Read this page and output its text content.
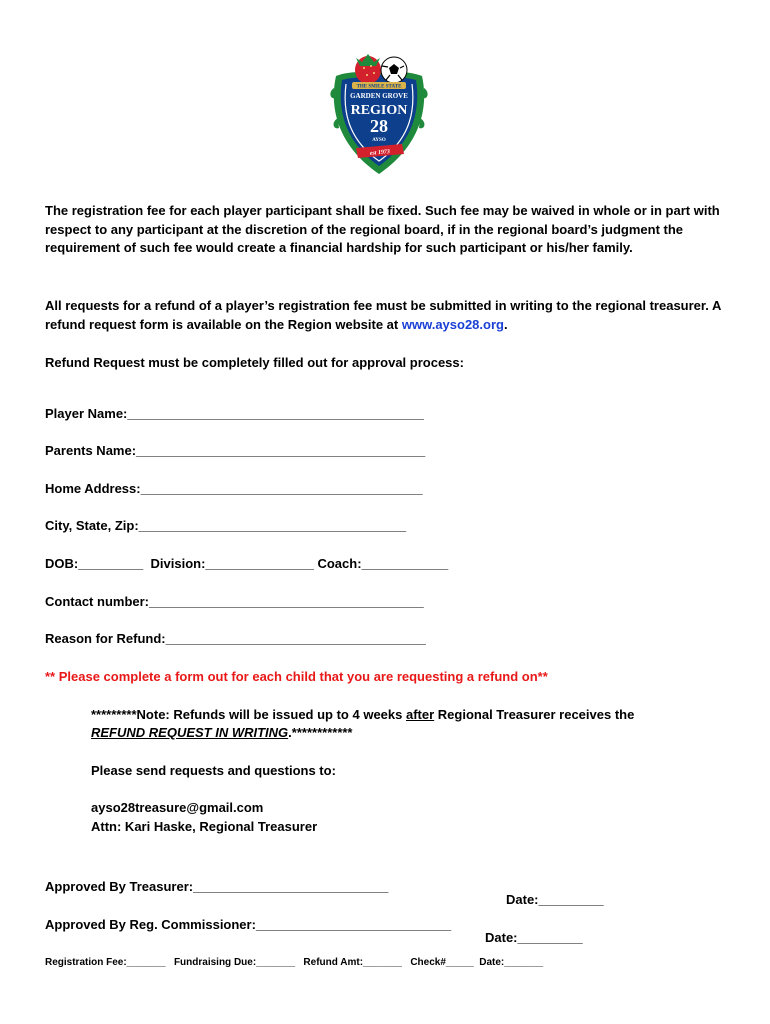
THE SMILE STATE
GARDEN GROVE
REGION
28
AYSO
est 1973

The registration fee for each player participant shall be fixed. Such fee may be waived in whole or in part with respect to any participant at the discretion of the regional board, if in the regional board’s judgment the requirement of such fee would create a financial hardship for such participant or his/her family.

All requests for a refund of a player’s registration fee must be submitted in writing to the regional treasurer. A refund request form is available on the Region website at www.ayso28.org.

Refund Request must be completely filled out for approval process:

Player Name:_________________________________________

Parents Name:________________________________________

Home Address:_______________________________________

City, State, Zip:_____________________________________

DOB:_________  Division:_______________ Coach:____________

Contact number:______________________________________

Reason for Refund:____________________________________

** Please complete a form out for each child that you are requesting a refund on**

*********Note: Refunds will be issued up to 4 weeks after Regional Treasurer receives the

REFUND REQUEST IN WRITING.************

Please send requests and questions to:

ayso28treasure@gmail.com

Attn: Kari Haske, Regional Treasurer

Approved By Treasurer:___________________________

Date:_________

Approved By Reg. Commissioner:___________________________

Date:_________

Registration Fee:_______   Fundraising Due:_______   Refund Amt:_______   Check#_____  Date:_______
